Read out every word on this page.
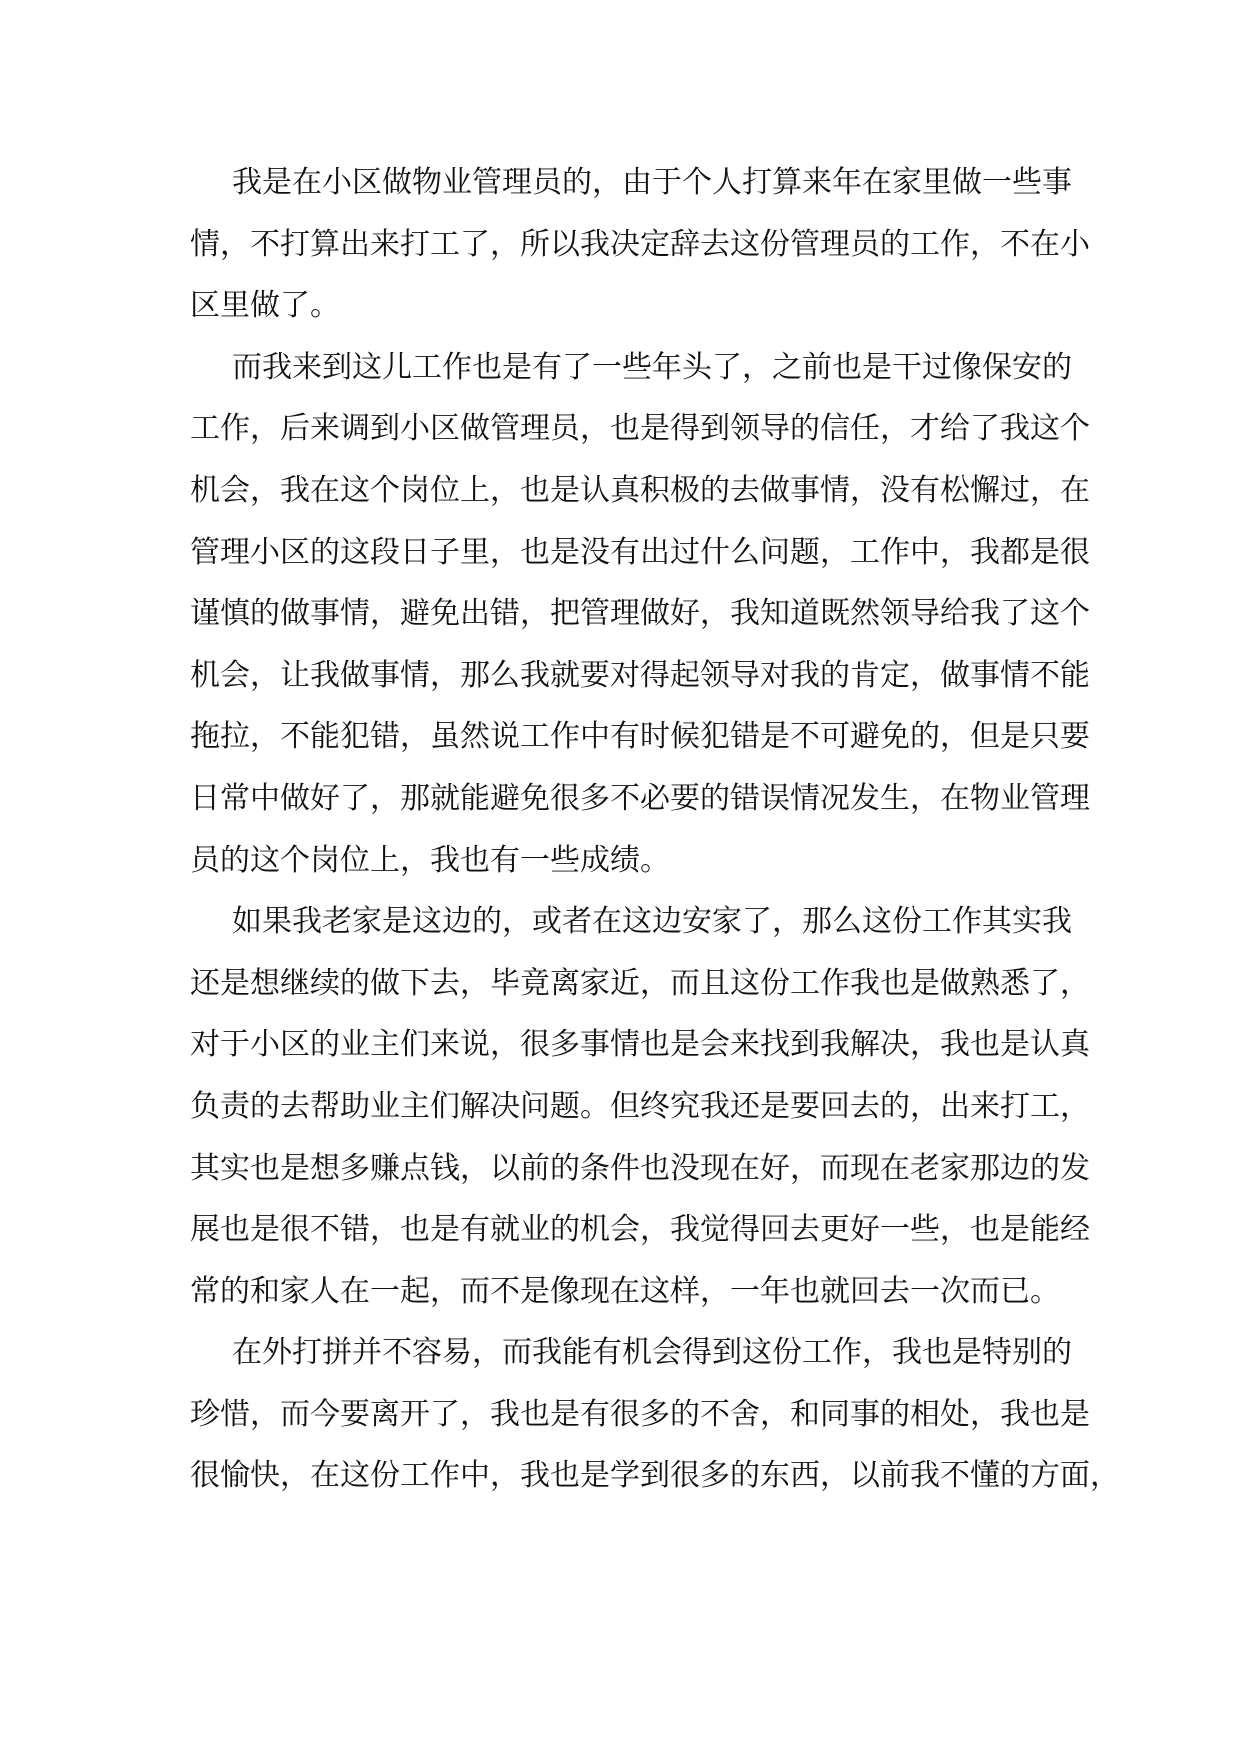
我是在小区做物业管理员的，由于个人打算来年在家里做一些事
情，不打算出来打工了，所以我决定辞去这份管理员的工作，不在小
区里做了。
而我来到这儿工作也是有了一些年头了，之前也是干过像保安的
工作，后来调到小区做管理员，也是得到领导的信任，才给了我这个
机会，我在这个岗位上，也是认真积极的去做事情，没有松懈过，在
管理小区的这段日子里，也是没有出过什么问题，工作中，我都是很
谨慎的做事情，避免出错，把管理做好，我知道既然领导给我了这个
机会，让我做事情，那么我就要对得起领导对我的肯定，做事情不能
拖拉，不能犯错，虽然说工作中有时候犯错是不可避免的，但是只要
日常中做好了，那就能避免很多不必要的错误情况发生，在物业管理
员的这个岗位上，我也有一些成绩。
如果我老家是这边的，或者在这边安家了，那么这份工作其实我
还是想继续的做下去，毕竟离家近，而且这份工作我也是做熟悉了，
对于小区的业主们来说，很多事情也是会来找到我解决，我也是认真
负责的去帮助业主们解决问题。但终究我还是要回去的，出来打工，
其实也是想多赚点钱，以前的条件也没现在好，而现在老家那边的发
展也是很不错，也是有就业的机会，我觉得回去更好一些，也是能经
常的和家人在一起，而不是像现在这样，一年也就回去一次而已。
在外打拼并不容易，而我能有机会得到这份工作，我也是特别的
珍惜，而今要离开了，我也是有很多的不舍，和同事的相处，我也是
很愉快，在这份工作中，我也是学到很多的东西，以前我不懂的方面，
